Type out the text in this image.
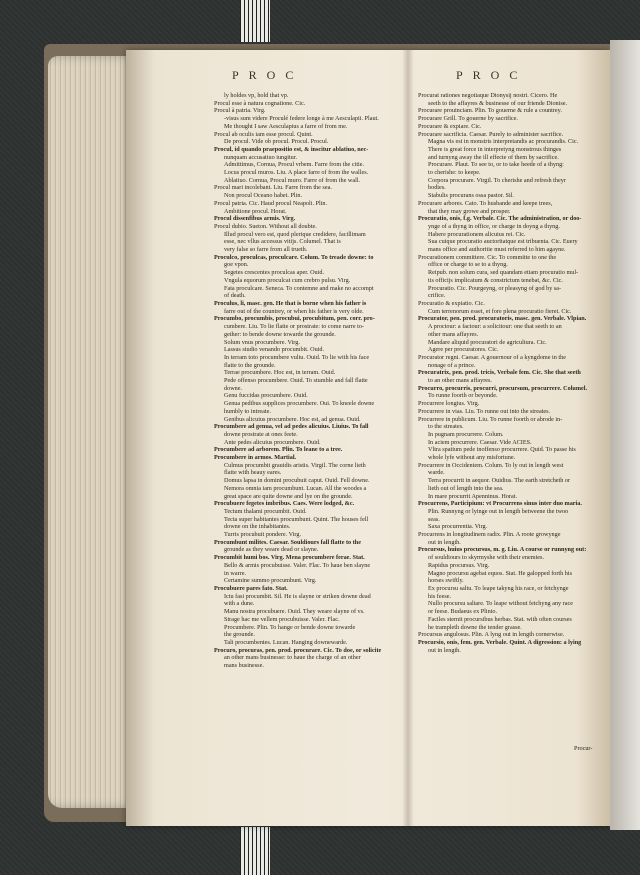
PROC	PROC
ly holdes vp, hold that vp.
Procul esse à natura cognatione. Cic.
Procul à patria. Virg.
-visus sum videre Proculé federe longe à me Aesculapii. Plaut.
Me thought I saw Aesculapius a farre of from me.
Procul ab oculis iam esse procul. Quint.
De procul. Vide ob procul. Procul. Procul.
Procul, id quando praepositio est, & inscitur ablatiuo, nec-
nunquam accusatiuo iungitur.
Admittimus, Cornua, Procul vrbem. Farre from the citie.
Locus procul muros. Liu. A place farre of from the walles.
Ablatiuo. Cornua, Procul muro. Farre of from the wall.
Procul mari incolebant. Liu. Farre from the sea.
Non procul Oceano habet. Plin.
Procul patria. Cic. Haud procul Neapoli. Plin.
Ambitione procul. Horat.
Procul dissenfibus armis. Virg.
Procul dubio. Sueton. Without all doubte.
Illud procul vero est, quod plerique credidere, facillimam
esse, nec vllus accessus vitijs. Columel. That is
very false so farre from all trueth.
Proculco, proculcas, proculcare. Colum. To treade downe: to
goe vpon.
Segetes crescentes proculcas aper. Ouid.
Vngula equorum proculcat cum crebro pulsu. Virg.
Fata proculcare. Seneca. To contemne and make no accompt
of death.
Proculus, li, masc. gen. He that is borne when his father is
farre out of the countrey, or when his father is very olde.
Procumbo, procumbis, procubui, procubitum, pen. corr. pro-
cumbere. Liu. To lie flatte or prostrate: to come narre to-
gether: to bende downe towarde the grounde.
Solum vnus procumbere. Virg.
Lassus studio venando procumbit. Ouid.
In terram toto procumbere vultu. Ouid. To lie with his face
flatte to the grounde.
Terrae procumbere. Hoc est, in terram. Ouid.
Pede offenso procumbere. Ouid. To stumble and fall flatte
downe.
Genu fuccidas procumbere. Ouid.
Genua pedibus supplices procumbere. Oui. To kneele downe
humbly to intreate.
Genibus alicuius procumbere. Hoc est, ad genua. Ouid.
Procumbere ad genua, vel ad pedes alicuius. Liuius. To fall
downe prostrate at ones feete.
Ante pedes alicuius procumbere. Ouid.
Procumbere ad arborem. Plin. To leane to a tree.
Procumbere in armos. Martial.
Culmus procumbit grauidis aristis. Virgil. The corne lieth
flatte with heauy eares.
Domus lapsa in domini procubuit caput. Ouid. Fell downe.
Nemora omnia iam procumbunt. Lucan. All the woodes a
great space are quite downe and lye on the grounde.
Procubuere fegetes imbribus. Caes. Were lodged, &c.
Tectum thalami procumbit. Ouid.
Tecta super habitantes procumbunt. Quint. The houses fell
downe on the inhabitantes.
Turris procubuit pondere. Virg.
Procumbunt milites. Caesar. Souldiours fall flatte to the
grounde as they weare dead or slayne.
Procumbit humi bos. Virg. Mena procumbere ferae. Stat.
Bello & armis procubuisse. Valer. Flac. To haue ben slayne
in warre.
Certamine summo procumbunt. Virg.
Procubuere pares fato. Stat.
Ictu fasi procumbit. Sil. He is slayne or striken downe dead
with a dune.
Manu nostra procubuere. Ouid. They weare slayne of vs.
Strage hac me vellem procubuisse. Valer. Flac.
Procumbere. Plin. To hange or bende downe towarde
the grounde.
Tali procumbentes. Lucan. Hanging downewarde.
Procuro, procuras, pen. prod. procurare. Cic. To doe, or solicite
an other mans businesse: to haue the charge of an other
mans businesse.
Procurat rationes negotiaque Dionysij nostri. Cicero. He
seeth to the affayres & businesse of our friende Dionise.
Procurare prouinciam. Plin. To gouerne & rule a countrey.
Procurare Grill. To gouerne by sacrifice.
Procurare & expiare. Cic.
Procurare sacrificia. Caesar. Purely to administer sacrifice.
Magna vis est in monstris interpretandis ac procurandis. Cic.
There is great force in interpretyng monstrous thinges
and turnyng away the ill effecte of them by sacrifice.
Procurare. Plaut. To see to, or to take heede of a thyng:
to cherishe: to keepe.
Corpora procurare. Virgil. To cherishe and refresh theyr
bodies.
Stabulis procurans ossa pastor. Sil.
Procurare arbores. Cato. To husbande and keepe trees,
that they may growe and prosper.
Procuratio, onis, f.g. Verbale. Cic. The administration, or doo-
ynge of a thyng in office, or charge in doyng a thyng.
Habere procurationem alicuius rei. Cic.
Sua cuique procuratio auctoritatque est tribuenta. Cic. Euery
mans office and authoritie must referred to him agayne.
Procurationem committere. Cic. To committe to one the
office or charge to se to a thyng.
Reipub. non solum cura, sed quandam etiam procuratio mul-
tis officijs implicatum & constrictum tenebat, &c. Cic.
Procuratio. Cic. Pourgeyng, or pleasyng of god by sa-
crifice.
Procuratio & expiatio. Cic.
Cum terrenorum esset, et fore plena procuratio fieret. Cic.
Procurator, pen. prod. procuratoris, masc. gen. Verbale. Vlpian.
A proctour: a factour: a solicitour: one that seeth to an
other mans affayres.
Mandare aliquid procuratori de agricultura. Cic.
Agere per procuratores. Cic.
Procurator regni. Caesar. A gouernour of a kyngdome in the
nonage of a prince.
Procuratrix, pen. prod. tricis, Verbale fem. Cic. She that seeth
to an other mans affayres.
Procurro, procurris, procurri, procursum, procurrere. Columel.
To runne foorth or beyonde.
Procurrere longius. Virg.
Procurrere in vias. Liu. To runne out into the streates.
Procurrere in publicum. Liu. To runne foorth or abrode in-
to the streates.
In pugnam procurrere. Colum.
In aciem procurrere. Caesar. Vide ACIES.
Vltra spatium pede inoffenso procurrere. Quid. To passe his
whole lyfe without any misfortune.
Procurrere in Occidentem. Colum. To ly out in length west
warde.
Terra procurrit in aequor. Ouidius. The earth stretcheth or
lieth out of length into the sea.
In mare procurrit Apenninus. Horat.
Procurrens, Participium: vt Procurrens sinus inter duo maria.
Plin. Runnyng or lyinge out in length betweene the twoo
seas.
Saxa procurrentia. Virg.
Procurrens in longitudinem radix. Plin. A roote growynge
out in length.
Procursus, huius procursus, m. g. Liu. A course or runnyng out:
of souldiours to skyrmyshe with their enemies.
Rapidus procursus. Virg.
Magno procursu agebat equos. Stat. He galopped forth his
horses swiftly.
Ex procursu saltu. To leape takyng his race, or fetchynge
his feese.
Nullo procursu saltare. To leape without fetchyng any race
or feese. Budaeus ex Plinio.
Faciles sternit procursibus herbas. Stat. with often courses
he trampleth downe the tender grasse.
Procursus angulosus. Plin. A lyng out in length cornerwise.
Procursio, onis, fem. gen. Verbale. Quint. A digression: a lying
out in length.
Procur-
